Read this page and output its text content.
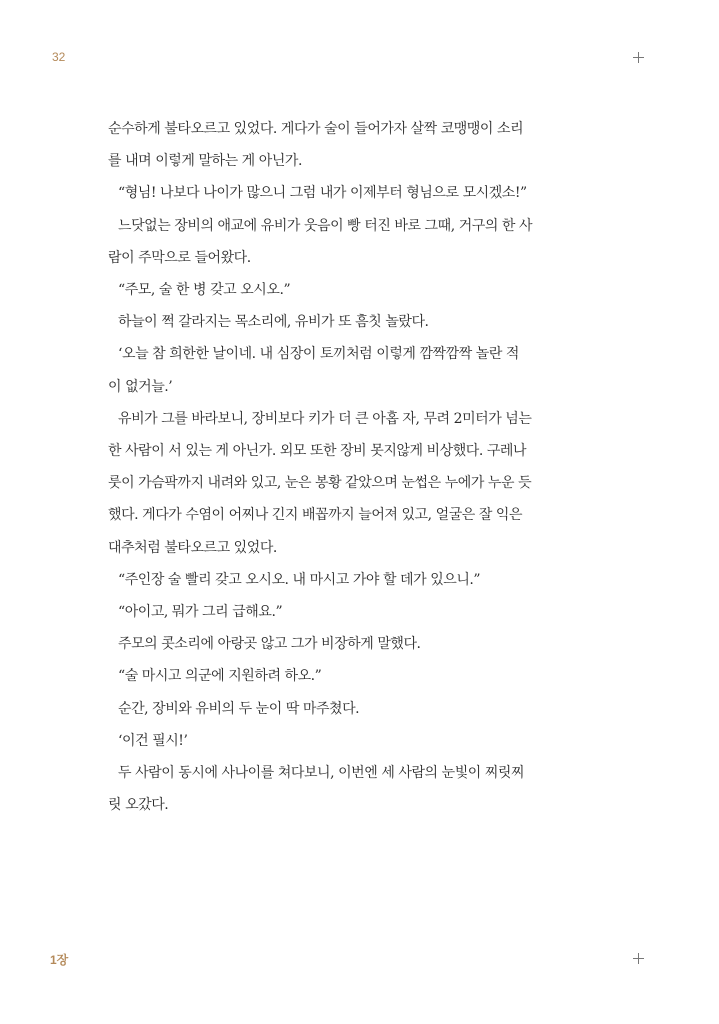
32

순수하게 불타오르고 있었다. 게다가 술이 들어가자 살짝 코맹맹이 소리
를 내며 이렇게 말하는 게 아닌가.

“형님! 나보다 나이가 많으니 그럼 내가 이제부터 형님으로 모시겠소!”

느닷없는 장비의 애교에 유비가 웃음이 빵 터진 바로 그때, 거구의 한 사
람이 주막으로 들어왔다.

“주모, 술 한 병 갖고 오시오.”

하늘이 쩍 갈라지는 목소리에, 유비가 또 흠칫 놀랐다.

‘오늘 참 희한한 날이네. 내 심장이 토끼처럼 이렇게 깜짝깜짝 놀란 적
이 없거늘.’

유비가 그를 바라보니, 장비보다 키가 더 큰 아홉 자, 무려 2미터가 넘는
한 사람이 서 있는 게 아닌가. 외모 또한 장비 못지않게 비상했다. 구레나
룻이 가슴팍까지 내려와 있고, 눈은 봉황 같았으며 눈썹은 누에가 누운 듯
했다. 게다가 수염이 어찌나 긴지 배꼽까지 늘어져 있고, 얼굴은 잘 익은
대추처럼 불타오르고 있었다.

“주인장 술 빨리 갖고 오시오. 내 마시고 가야 할 데가 있으니.”

“아이고, 뭐가 그리 급해요.”

주모의 콧소리에 아랑곳 않고 그가 비장하게 말했다.

“술 마시고 의군에 지원하려 하오.”

순간, 장비와 유비의 두 눈이 딱 마주쳤다.

‘이건 필시!’

두 사람이 동시에 사나이를 쳐다보니, 이번엔 세 사람의 눈빛이 찌릿찌
릿 오갔다.

1장
